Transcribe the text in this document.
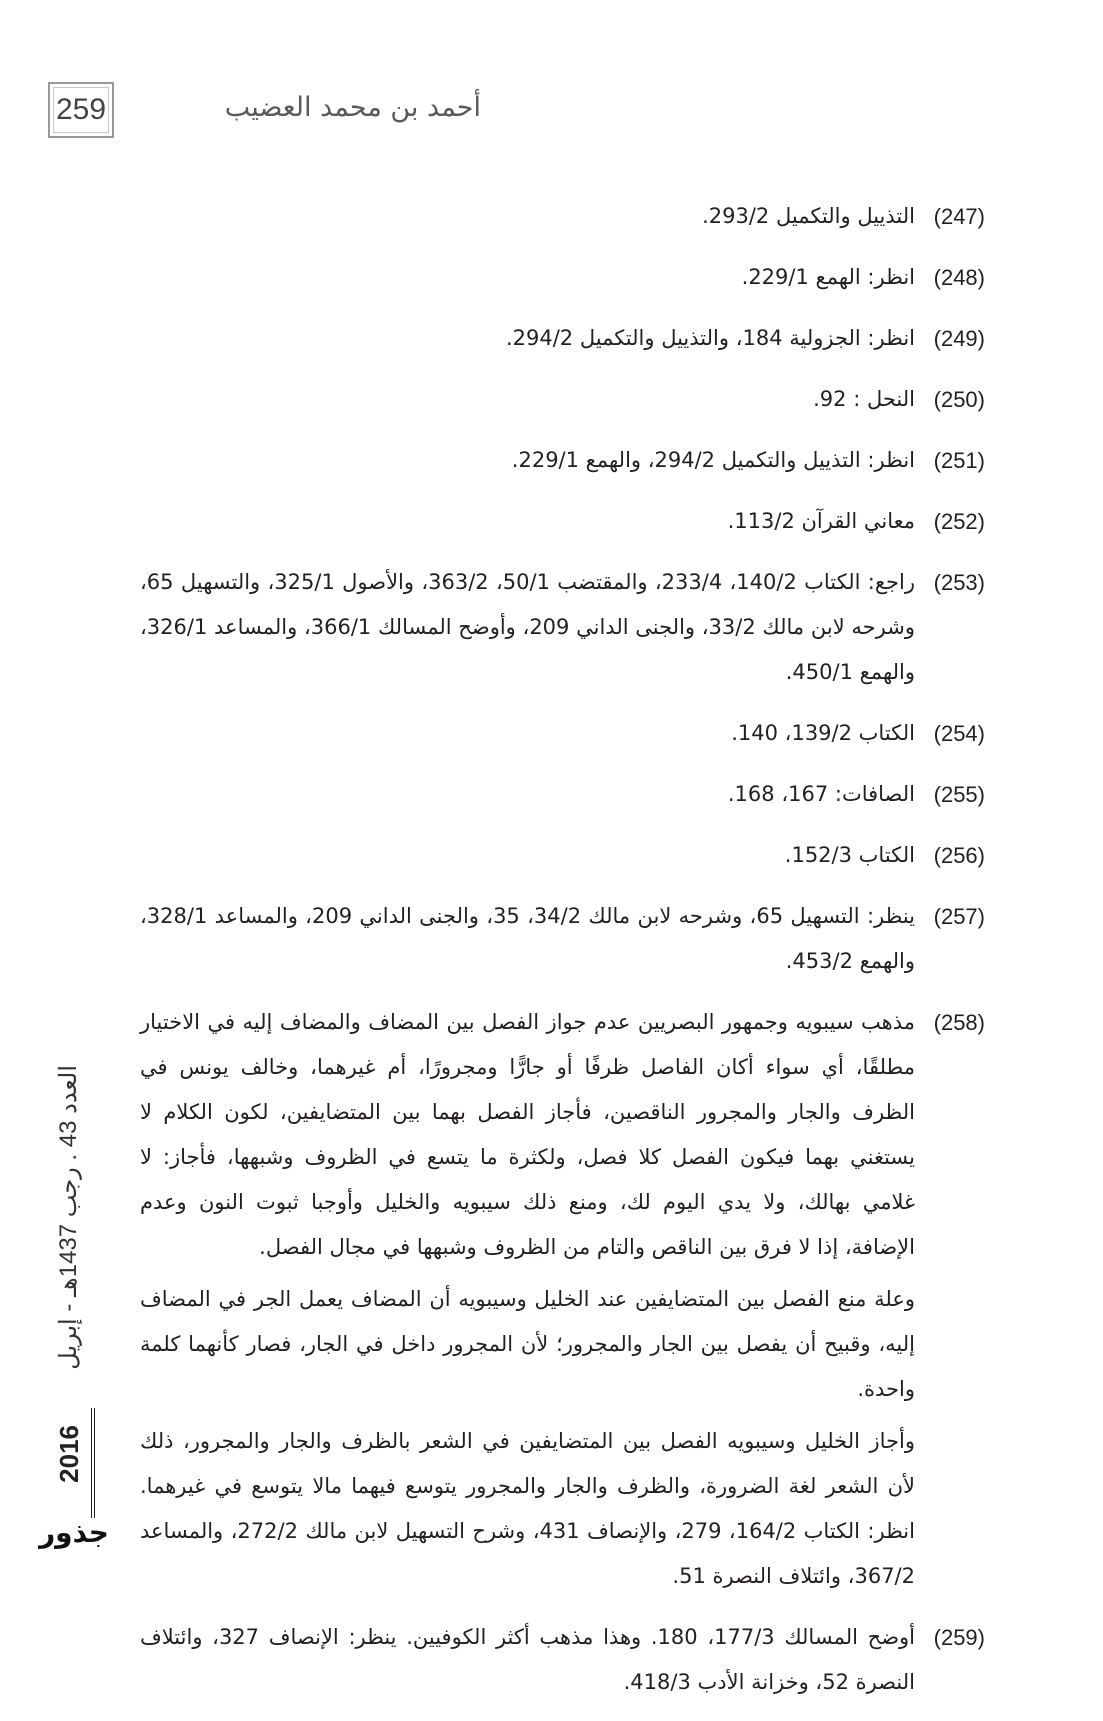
259	أحمد بن محمد العضيب
(247)

التذييل والتكميل 293/2.

(248)

انظر: الهمع 229/1.

(249)

انظر: الجزولية 184، والتذييل والتكميل 294/2.

(250)

النحل : 92.

(251)

انظر: التذييل والتكميل 294/2، والهمع 229/1.

(252)

معاني القرآن 113/2.

(253)

راجع: الكتاب 140/2، 233/4، والمقتضب 50/1، 363/2، والأصول 325/1، والتسهيل 65، وشرحه لابن مالك 33/2، والجنى الداني 209، وأوضح المسالك 366/1، والمساعد 326/1، والهمع 450/1.

(254)

الكتاب 139/2، 140.

(255)

الصافات: 167، 168.

(256)

الكتاب 152/3.

(257)

ينظر: التسهيل 65، وشرحه لابن مالك 34/2، 35، والجنى الداني 209، والمساعد 328/1، والهمع 453/2.

(258)

مذهب سيبويه وجمهور البصريين عدم جواز الفصل بين المضاف والمضاف إليه في الاختيار مطلقًا، أي سواء أكان الفاصل ظرفًا أو جارًّا ومجرورًا، أم غيرهما، وخالف يونس في الظرف والجار والمجرور الناقصين، فأجاز الفصل بهما بين المتضايفين، لكون الكلام لا يستغني بهما فيكون الفصل كلا فصل، ولكثرة ما يتسع في الظروف وشبهها، فأجاز: لا غلامي بهالك، ولا يدي اليوم لك، ومنع ذلك سيبويه والخليل وأوجبا ثبوت النون وعدم الإضافة، إذا لا فرق بين الناقص والتام من الظروف وشبهها في مجال الفصل.

وعلة منع الفصل بين المتضايفين عند الخليل وسيبويه أن المضاف يعمل الجر في المضاف إليه، وقبيح أن يفصل بين الجار والمجرور؛ لأن المجرور داخل في الجار، فصار كأنهما كلمة واحدة.

وأجاز الخليل وسيبويه الفصل بين المتضايفين في الشعر بالظرف والجار والمجرور، ذلك لأن الشعر لغة الضرورة، والظرف والجار والمجرور يتوسع فيهما مالا يتوسع في غيرهما. انظر: الكتاب 164/2، 279، والإنصاف 431، وشرح التسهيل لابن مالك 272/2، والمساعد 367/2، وائتلاف النصرة 51.

(259)

أوضح المسالك 177/3، 180. وهذا مذهب أكثر الكوفيين. ينظر: الإنصاف 327، وائتلاف النصرة 52، وخزانة الأدب 418/3.

العدد 43 . رجب 1437هـ - إبريل
2016
جذور
